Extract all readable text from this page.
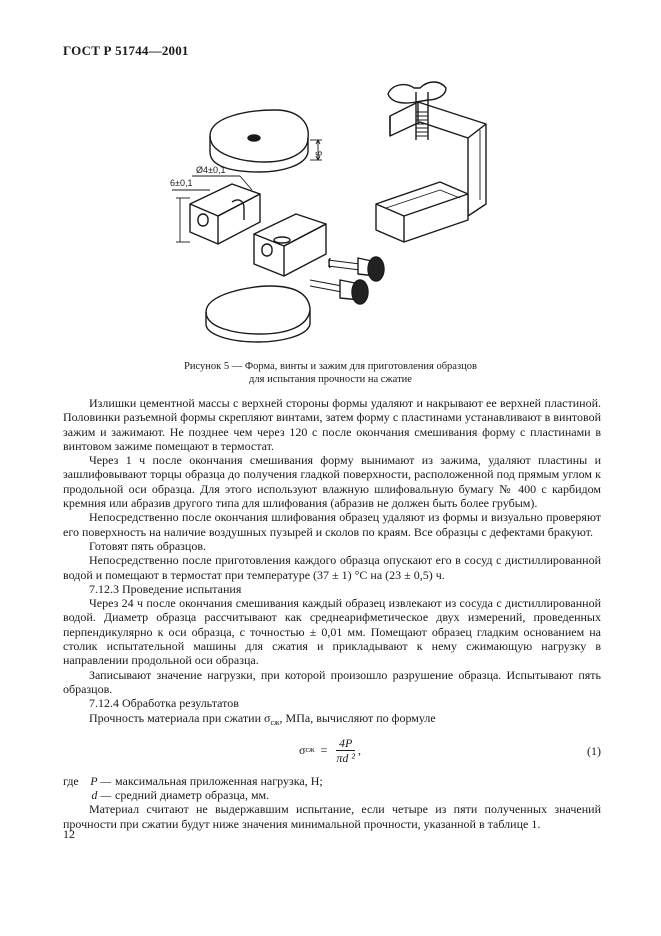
ГОСТ Р 51744—2001
6
Ø4±0,1
6±0,1
Рисунок 5 — Форма, винты и зажим для приготовления образцов
для испытания прочности на сжатие

Излишки цементной массы с верхней стороны формы удаляют и накрывают ее верхней пластиной. Половинки разъемной формы скрепляют винтами, затем форму с пластинами устанавливают в винтовой зажим и зажимают. Не позднее чем через 120 с после окончания смешивания форму с пластинами в винтовом зажиме помещают в термостат.

Через 1 ч после окончания смешивания форму вынимают из зажима, удаляют пластины и зашлифовывают торцы образца до получения гладкой поверхности, расположенной под прямым углом к продольной оси образца. Для этого используют влажную шлифовальную бумагу № 400 с карбидом кремния или абразив другого типа для шлифования (абразив не должен быть более грубым).

Непосредственно после окончания шлифования образец удаляют из формы и визуально проверяют его поверхность на наличие воздушных пузырей и сколов по краям. Все образцы с дефектами бракуют.

Готовят пять образцов.

Непосредственно после приготовления каждого образца опускают его в сосуд с дистиллированной водой и помещают в термостат при температуре (37 ± 1) °С на (23 ± 0,5) ч.

7.12.3 Проведение испытания

Через 24 ч после окончания смешивания каждый образец извлекают из сосуда с дистиллированной водой. Диаметр образца рассчитывают как среднеарифметическое двух измерений, проведенных перпендикулярно к оси образца, с точностью ± 0,01 мм. Помещают образец гладким основанием на столик испытательной машины для сжатия и прикладывают к нему сжимающую нагрузку в направлении продольной оси образца.

Записывают значение нагрузки, при которой произошло разрушение образца. Испытывают пять образцов.

7.12.4 Обработка результатов

Прочность материала при сжатии $\sigma_{сж}$, МПа, вычисляют по формуле

σ сж = $\frac{4P}{\text{πd ²}}$ ,	(1)
где P — максимальная приложенная нагрузка, Н;
d — средний диаметр образца, мм.

Материал считают не выдержавшим испытание, если четыре из пяти полученных значений прочности при сжатии будут ниже значения минимальной прочности, указанной в таблице 1.

12
